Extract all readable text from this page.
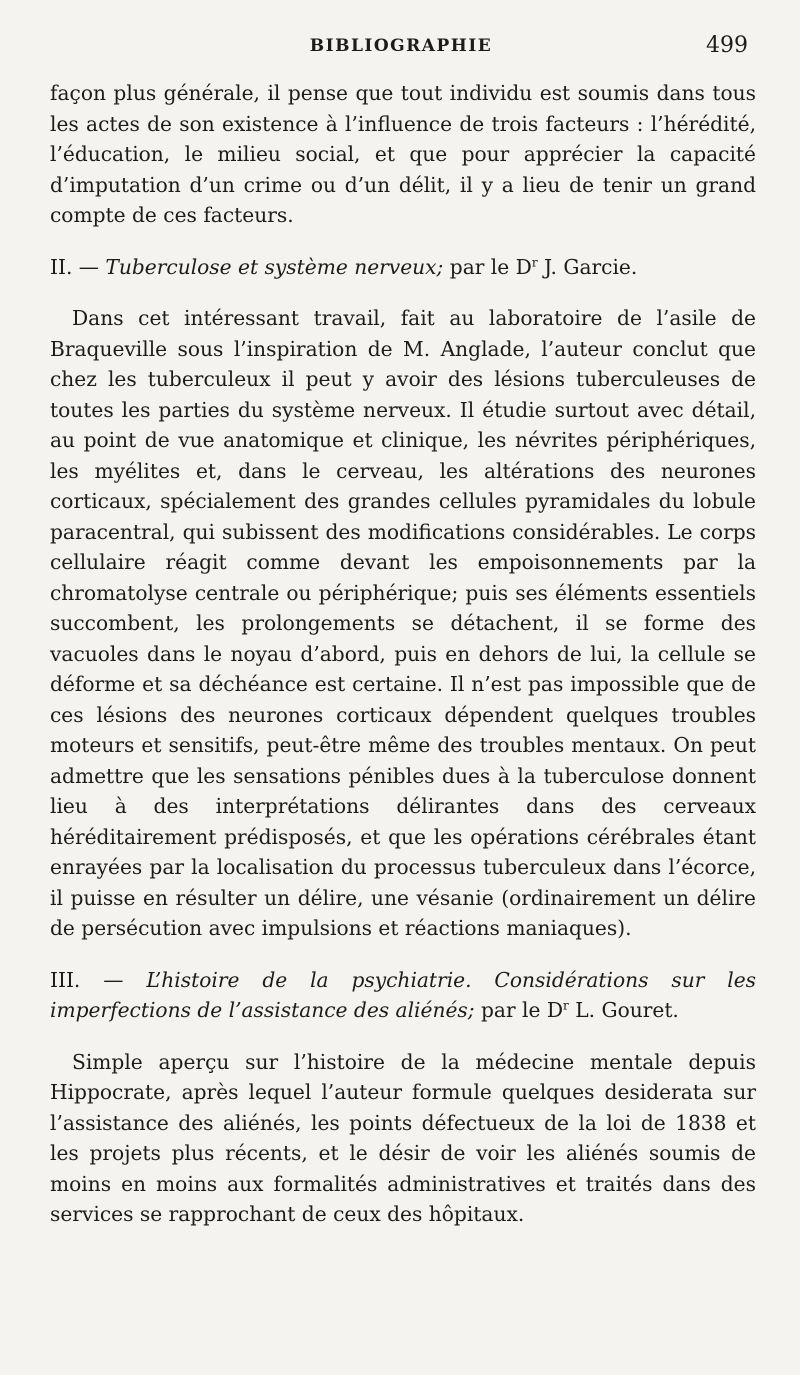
BIBLIOGRAPHIE	499

façon plus générale, il pense que tout individu est soumis dans tous les actes de son existence à l’influence de trois facteurs : l’hérédité, l’éducation, le milieu social, et que pour apprécier la capacité d’imputation d’un crime ou d’un délit, il y a lieu de tenir un grand compte de ces facteurs.

II. — Tuberculose et système nerveux; par le $D^r$ J. Garcie.

Dans cet intéressant travail, fait au laboratoire de l’asile de Braqueville sous l’inspiration de M. Anglade, l’auteur conclut que chez les tuberculeux il peut y avoir des lésions tuberculeuses de toutes les parties du système nerveux. Il étudie surtout avec détail, au point de vue anatomique et clinique, les névrites périphériques, les myélites et, dans le cerveau, les altérations des neurones corticaux, spécialement des grandes cellules pyramidales du lobule paracentral, qui subissent des modifications considérables. Le corps cellulaire réagit comme devant les empoisonnements par la chromatolyse centrale ou périphérique; puis ses éléments essentiels succombent, les prolongements se détachent, il se forme des vacuoles dans le noyau d’abord, puis en dehors de lui, la cellule se déforme et sa déchéance est certaine. Il n’est pas impossible que de ces lésions des neurones corticaux dépendent quelques troubles moteurs et sensitifs, peut-être même des troubles mentaux. On peut admettre que les sensations pénibles dues à la tuberculose donnent lieu à des interprétations délirantes dans des cerveaux héréditairement prédisposés, et que les opérations cérébrales étant enrayées par la localisation du processus tuberculeux dans l’écorce, il puisse en résulter un délire, une vésanie (ordinairement un délire de persécution avec impulsions et réactions maniaques).

III. — L’histoire de la psychiatrie. Considérations sur les imperfections de l’assistance des aliénés; par le $D^r$ L. Gouret.

Simple aperçu sur l’histoire de la médecine mentale depuis Hippocrate, après lequel l’auteur formule quelques desiderata sur l’assistance des aliénés, les points défectueux de la loi de 1838 et les projets plus récents, et le désir de voir les aliénés soumis de moins en moins aux formalités administratives et traités dans des services se rapprochant de ceux des hôpitaux.
